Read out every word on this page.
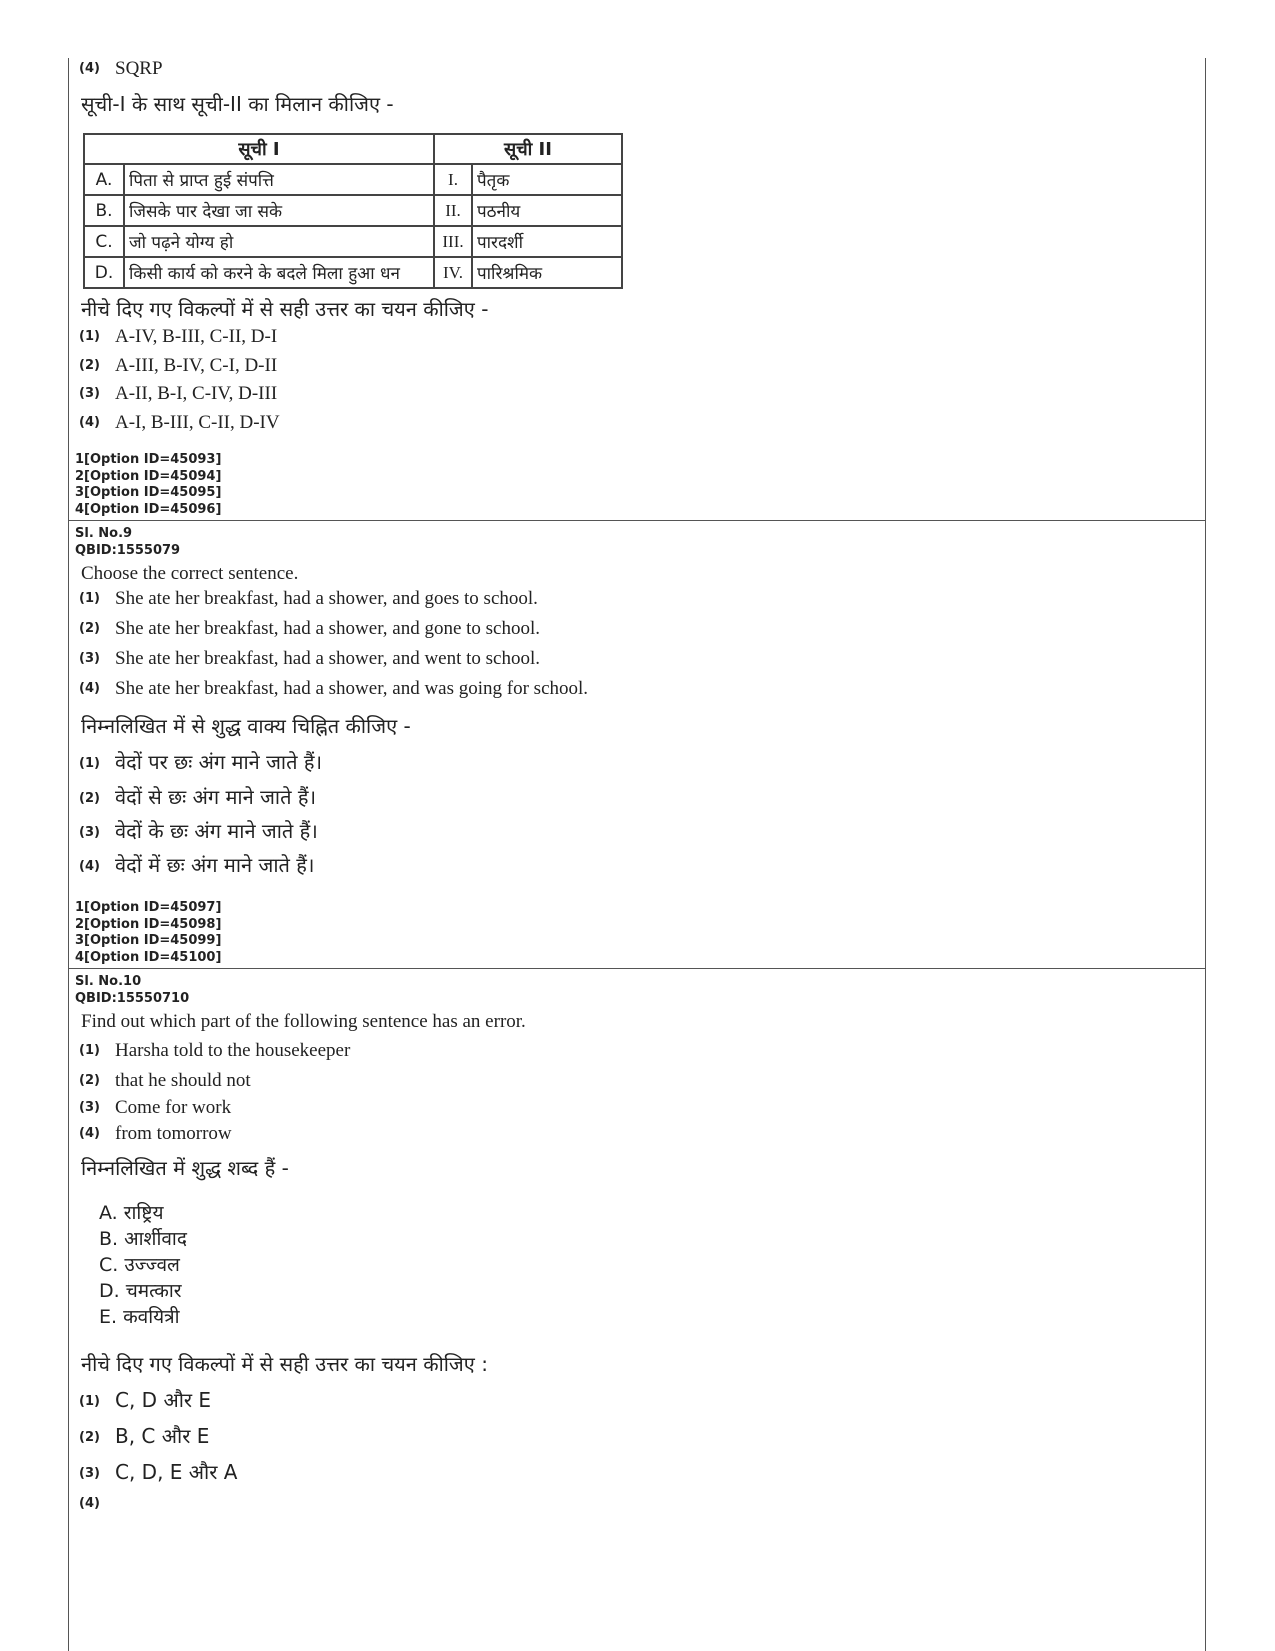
(4) SQRP
सूची-I के साथ सूची-II का मिलान कीजिए -
सूची I		सूची II	
A.	पिता से प्राप्त हुई संपत्ति	I.	पैतृक
B.	जिसके पार देखा जा सके	II.	पठनीय
C.	जो पढ़ने योग्य हो	III.	पारदर्शी
D.	किसी कार्य को करने के बदले मिला हुआ धन	IV.	पारिश्रमिक
नीचे दिए गए विकल्पों में से सही उत्तर का चयन कीजिए -
(1) A-IV, B-III, C-II, D-I
(2) A-III, B-IV, C-I, D-II
(3) A-II, B-I, C-IV, D-III
(4) A-I, B-III, C-II, D-IV
1[Option ID=45093]
2[Option ID=45094]
3[Option ID=45095]
4[Option ID=45096]
Sl. No.9
QBID:1555079
Choose the correct sentence.
(1) She ate her breakfast, had a shower, and goes to school.
(2) She ate her breakfast, had a shower, and gone to school.
(3) She ate her breakfast, had a shower, and went to school.
(4) She ate her breakfast, had a shower, and was going for school.
निम्नलिखित में से शुद्ध वाक्य चिह्नित कीजिए -
(1) वेदों पर छः अंग माने जाते हैं।
(2) वेदों से छः अंग माने जाते हैं।
(3) वेदों के छः अंग माने जाते हैं।
(4) वेदों में छः अंग माने जाते हैं।
1[Option ID=45097]
2[Option ID=45098]
3[Option ID=45099]
4[Option ID=45100]
Sl. No.10
QBID:15550710
Find out which part of the following sentence has an error.
(1) Harsha told to the housekeeper
(2) that he should not
(3) Come for work
(4) from tomorrow
निम्नलिखित में शुद्ध शब्द हैं -
A. राष्ट्रिय
B. आर्शीवाद
C. उज्ज्वल
D. चमत्कार
E. कवयित्री
नीचे दिए गए विकल्पों में से सही उत्तर का चयन कीजिए :
(1) C, D और E
(2) B, C और E
(3) C, D, E और A
(4)
